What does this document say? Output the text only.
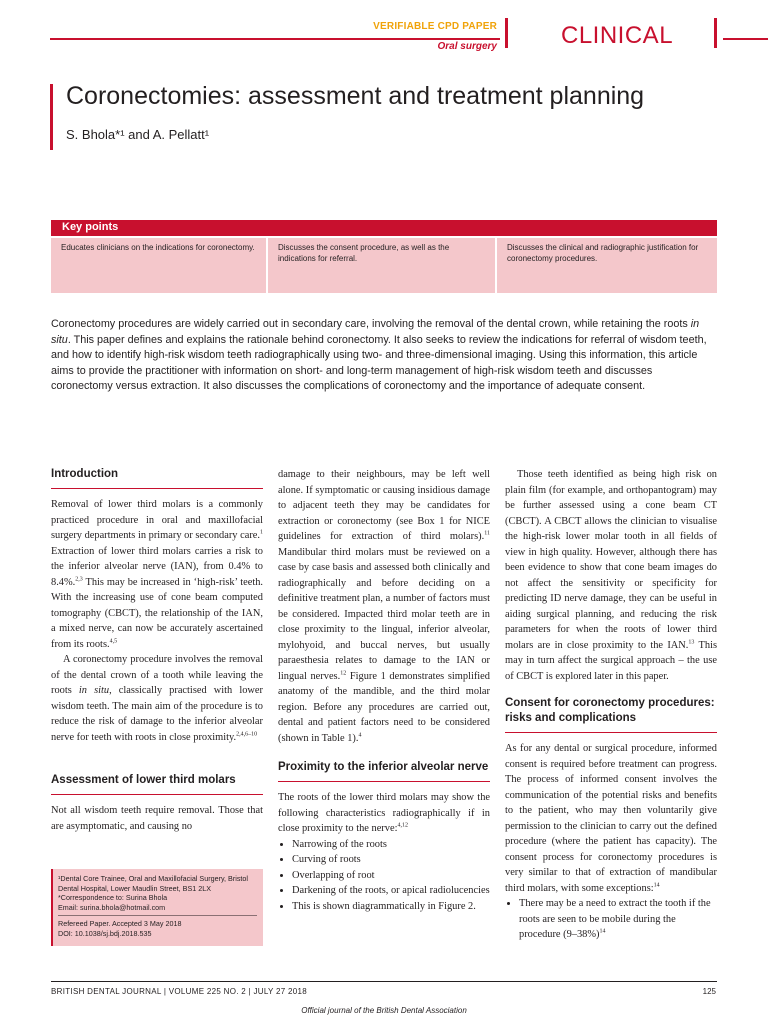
VERIFIABLE CPD PAPER
Oral surgery	CLINICAL
Coronectomies: assessment and treatment planning
S. Bhola*¹ and A. Pellatt¹
Key points
Educates clinicians on the indications for coronectomy.	Discusses the consent procedure, as well as the indications for referral.
Discusses the clinical and radiographic justification for coronectomy procedures.

Coronectomy procedures are widely carried out in secondary care, involving the removal of the dental crown, while retaining the roots in situ. This paper defines and explains the rationale behind coronectomy. It also seeks to review the indications for referral of wisdom teeth, and how to identify high-risk wisdom teeth radiographically using two- and three-dimensional imaging. Using this information, this article aims to provide the practitioner with information on short- and long-term management of high-risk wisdom teeth and discusses coronectomy versus extraction. It also discusses the complications of coronectomy and the importance of adequate consent.

Introduction

Removal of lower third molars is a commonly practiced procedure in oral and maxillofacial surgery departments in primary or secondary care.$^1$ Extraction of lower third molars carries a risk to the inferior alveolar nerve (IAN), from 0.4% to 8.4%.$^{2,3}$ This may be increased in ‘high-risk’ teeth. With the increasing use of cone beam computed tomography (CBCT), the relationship of the IAN, a mixed nerve, can now be accurately ascertained from its roots.$^{4,5}$

A coronectomy procedure involves the removal of the dental crown of a tooth while leaving the roots in situ, classically practised with lower wisdom teeth. The main aim of the procedure is to reduce the risk of damage to the inferior alveolar nerve for teeth with roots in close proximity.$^{2,4,6-10}$

Assessment of lower third molars

Not all wisdom teeth require removal. Those that are asymptomatic, and causing no

¹Dental Core Trainee, Oral and Maxillofacial Surgery, Bristol Dental Hospital, Lower Maudlin Street, BS1 2LX
*Correspondence to: Surina Bhola
Email: surina.bhola@hotmail.com
Refereed Paper. Accepted 3 May 2018
DOI: 10.1038/sj.bdj.2018.535

damage to their neighbours, may be left well alone. If symptomatic or causing insidious damage to adjacent teeth they may be candidates for extraction or coronectomy (see Box 1 for NICE guidelines for extraction of third molars).$^{11}$ Mandibular third molars must be reviewed on a case by case basis and assessed both clinically and radiographically and before deciding on a definitive treatment plan, a number of factors must be considered. Impacted third molar teeth are in close proximity to the lingual, inferior alveolar, mylohyoid, and buccal nerves, but usually paraesthesia relates to damage to the IAN or lingual nerves.$^{12}$ Figure 1 demonstrates simplified anatomy of the mandible, and the third molar region. Before any procedures are carried out, dental and patient factors need to be considered (shown in Table 1).$^4$

Proximity to the inferior alveolar nerve

The roots of the lower third molars may show the following characteristics radiographically if in close proximity to the nerve:$^{4,12}$

• Narrowing of the roots
• Curving of roots
• Overlapping of root
• Darkening of the roots, or apical radiolucencies
• This is shown diagrammatically in Figure 2.

Those teeth identified as being high risk on plain film (for example, and orthopantogram) may be further assessed using a cone beam CT (CBCT). A CBCT allows the clinician to visualise the high-risk lower molar tooth in all fields of view in high quality. However, although there has been evidence to show that cone beam images do not affect the sensitivity or specificity for predicting ID nerve damage, they can be useful in aiding surgical planning, and reducing the risk parameters for when the roots of lower third molars are in close proximity to the IAN.$^{13}$ This may in turn affect the surgical approach – the use of CBCT is explored later in this paper.

Consent for coronectomy procedures: risks and complications

As for any dental or surgical procedure, informed consent is required before treatment can progress. The process of informed consent involves the communication of the potential risks and benefits to the patient, who may then voluntarily give permission to the clinician to carry out the defined procedure (where the patient has capacity). The consent process for coronectomy procedures is very similar to that of extraction of mandibular third molars, with some exceptions:$^{14}$

• There may be a need to extract the tooth if the roots are seen to be mobile during the procedure $(9-38\%)^{14}$
BRITISH DENTAL JOURNAL | VOLUME 225 NO. 2 | JULY 27 2018	125
Official journal of the British Dental Association
